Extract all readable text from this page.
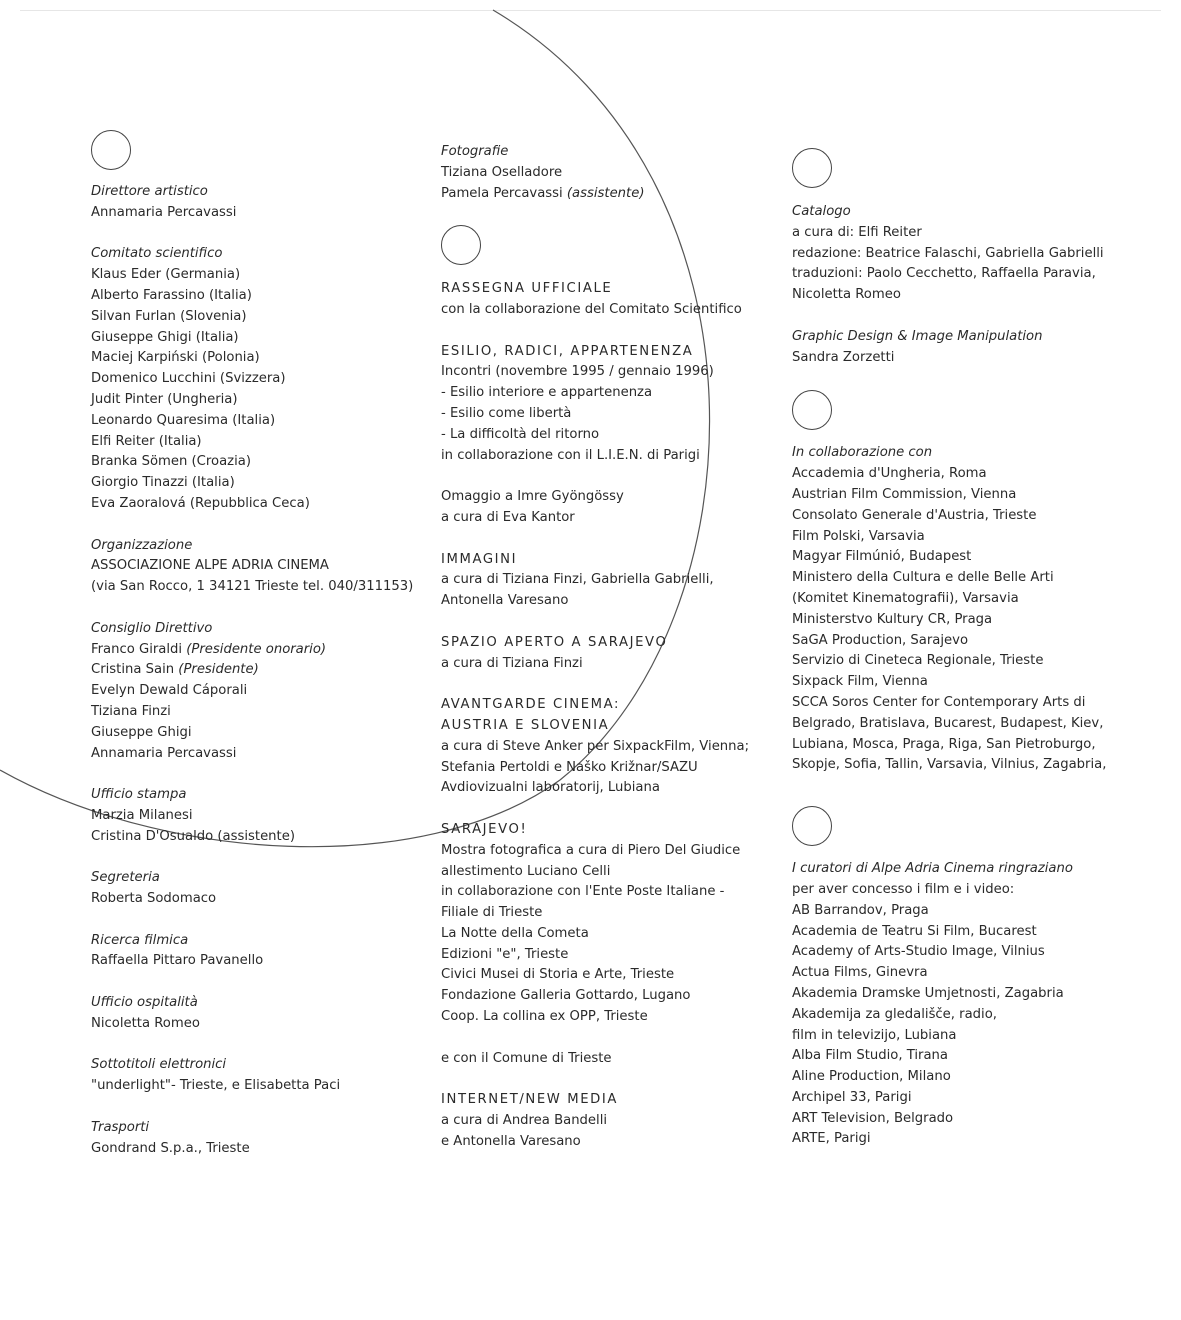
Direttore artistico
Annamaria Percavassi
Comitato scientifico
Klaus Eder (Germania)
Alberto Farassino (Italia)
Silvan Furlan (Slovenia)
Giuseppe Ghigi (Italia)
Maciej Karpiński (Polonia)
Domenico Lucchini (Svizzera)
Judit Pinter (Ungheria)
Leonardo Quaresima (Italia)
Elfi Reiter (Italia)
Branka Sömen (Croazia)
Giorgio Tinazzi (Italia)
Eva Zaoralová (Repubblica Ceca)
Organizzazione
ASSOCIAZIONE ALPE ADRIA CINEMA
(via San Rocco, 1 34121 Trieste tel. 040/311153)
Consiglio Direttivo
Franco Giraldi (Presidente onorario)
Cristina Sain (Presidente)
Evelyn Dewald Cáporali
Tiziana Finzi
Giuseppe Ghigi
Annamaria Percavassi
Ufficio stampa
Marzia Milanesi
Cristina D'Osualdo (assistente)
Segreteria
Roberta Sodomaco
Ricerca filmica
Raffaella Pittaro Pavanello
Ufficio ospitalità
Nicoletta Romeo
Sottotitoli elettronici
"underlight"- Trieste, e Elisabetta Paci
Trasporti
Gondrand S.p.a., Trieste
Fotografie
Tiziana Oselladore
Pamela Percavassi (assistente)
RASSEGNA UFFICIALE
con la collaborazione del Comitato Scientifico
ESILIO, RADICI, APPARTENENZA
Incontri (novembre 1995 / gennaio 1996)
- Esilio interiore e appartenenza
- Esilio come libertà
- La difficoltà del ritorno
in collaborazione con il L.I.E.N. di Parigi
Omaggio a Imre Gyöngössy
a cura di Eva Kantor
IMMAGINI
a cura di Tiziana Finzi, Gabriella Gabrielli,
Antonella Varesano
SPAZIO APERTO A SARAJEVO
a cura di Tiziana Finzi
AVANTGARDE CINEMA:
AUSTRIA E SLOVENIA
a cura di Steve Anker per SixpackFilm, Vienna;
Stefania Pertoldi e Naško Križnar/SAZU
Avdiovizualni laboratorij, Lubiana
SARAJEVO!
Mostra fotografica a cura di Piero Del Giudice
allestimento Luciano Celli
in collaborazione con l'Ente Poste Italiane -
Filiale di Trieste
La Notte della Cometa
Edizioni "e", Trieste
Civici Musei di Storia e Arte, Trieste
Fondazione Galleria Gottardo, Lugano
Coop. La collina ex OPP, Trieste
e con il Comune di Trieste
INTERNET/NEW MEDIA
a cura di Andrea Bandelli
e Antonella Varesano
Catalogo
a cura di: Elfi Reiter
redazione: Beatrice Falaschi, Gabriella Gabrielli
traduzioni: Paolo Cecchetto, Raffaella Paravia,
Nicoletta Romeo
Graphic Design & Image Manipulation
Sandra Zorzetti
In collaborazione con
Accademia d'Ungheria, Roma
Austrian Film Commission, Vienna
Consolato Generale d'Austria, Trieste
Film Polski, Varsavia
Magyar Filmúnió, Budapest
Ministero della Cultura e delle Belle Arti
(Komitet Kinematografii), Varsavia
Ministerstvo Kultury CR, Praga
SaGA Production, Sarajevo
Servizio di Cineteca Regionale, Trieste
Sixpack Film, Vienna
SCCA Soros Center for Contemporary Arts di
Belgrado, Bratislava, Bucarest, Budapest, Kiev,
Lubiana, Mosca, Praga, Riga, San Pietroburgo,
Skopje, Sofia, Tallin, Varsavia, Vilnius, Zagabria,
I curatori di Alpe Adria Cinema ringraziano
per aver concesso i film e i video:
AB Barrandov, Praga
Academia de Teatru Si Film, Bucarest
Academy of Arts-Studio Image, Vilnius
Actua Films, Ginevra
Akademia Dramske Umjetnosti, Zagabria
Akademija za gledališče, radio,
film in televizijo, Lubiana
Alba Film Studio, Tirana
Aline Production, Milano
Archipel 33, Parigi
ART Television, Belgrado
ARTE, Parigi
